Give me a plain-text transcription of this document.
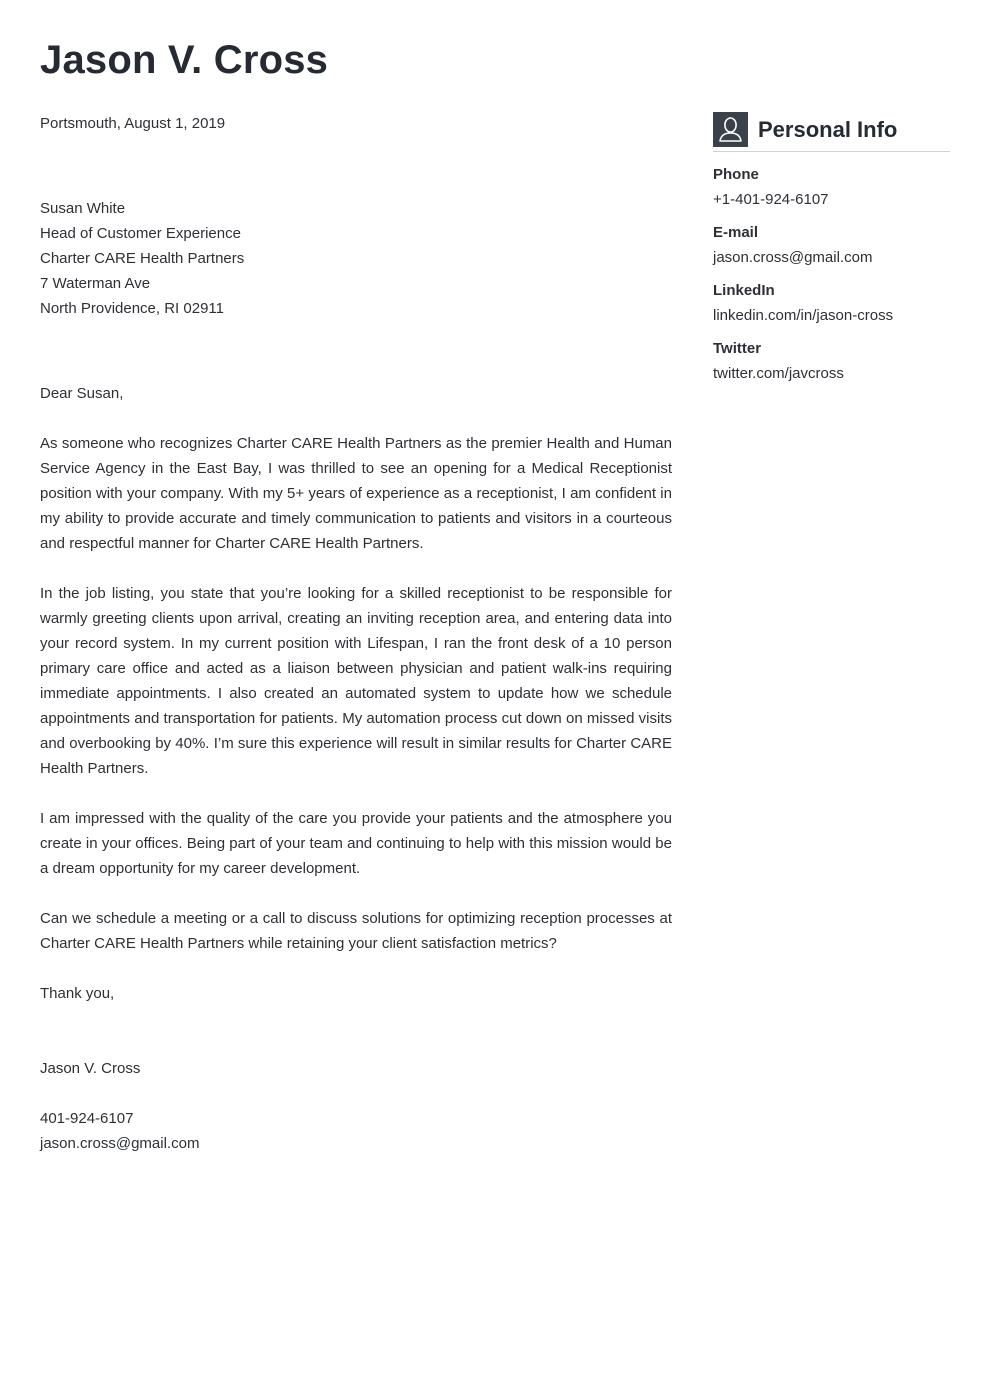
Jason V. Cross

Portsmouth, August 1, 2019

Susan White

Head of Customer Experience

Charter CARE Health Partners

7 Waterman Ave

North Providence, RI 02911

Dear Susan,

As someone who recognizes Charter CARE Health Partners as the premier Health and Human Service Agency in the East Bay, I was thrilled to see an opening for a Medical Receptionist position with your company. With my 5+ years of experience as a receptionist, I am confident in my ability to provide accurate and timely communication to patients and visitors in a courteous and respectful manner for Charter CARE Health Partners.

In the job listing, you state that you’re looking for a skilled receptionist to be responsible for warmly greeting clients upon arrival, creating an inviting reception area, and entering data into your record system. In my current position with Lifespan, I ran the front desk of a 10 person primary care office and acted as a liaison between physician and patient walk-ins requiring immediate appointments. I also created an automated system to update how we schedule appointments and transportation for patients. My automation process cut down on missed visits and overbooking by 40%. I’m sure this experience will result in similar results for Charter CARE Health Partners.

I am impressed with the quality of the care you provide your patients and the atmosphere you create in your offices. Being part of your team and continuing to help with this mission would be a dream opportunity for my career development.

Can we schedule a meeting or a call to discuss solutions for optimizing reception processes at Charter CARE Health Partners while retaining your client satisfaction metrics?

Thank you,

Jason V. Cross

401-924-6107

jason.cross@gmail.com

Personal Info
Phone
+1-401-924-6107
E-mail
jason.cross@gmail.com
LinkedIn
linkedin.com/in/jason-cross
Twitter
twitter.com/javcross
